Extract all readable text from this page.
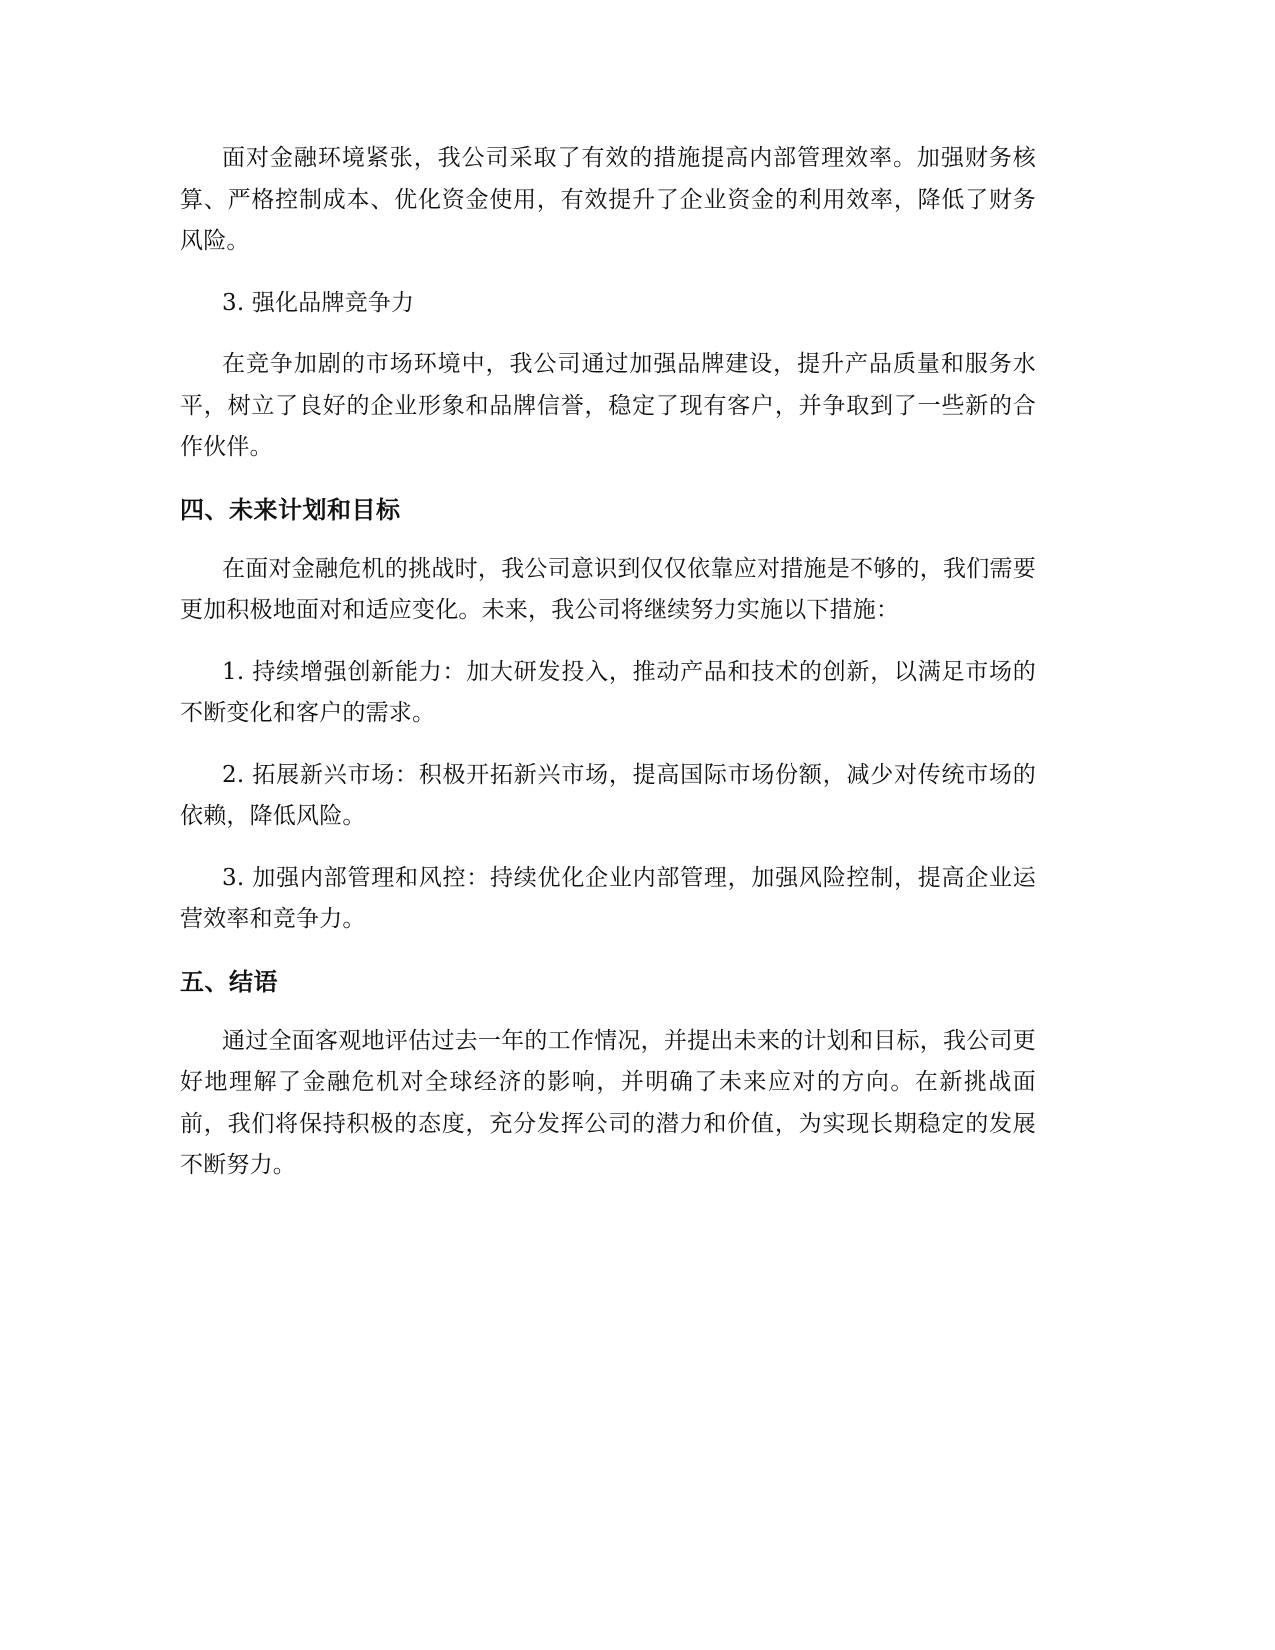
面对金融环境紧张，我公司采取了有效的措施提高内部管理效率。加强财务核算、严格控制成本、优化资金使用，有效提升了企业资金的利用效率，降低了财务风险。

3. 强化品牌竞争力

在竞争加剧的市场环境中，我公司通过加强品牌建设，提升产品质量和服务水平，树立了良好的企业形象和品牌信誉，稳定了现有客户，并争取到了一些新的合作伙伴。

四、未来计划和目标

在面对金融危机的挑战时，我公司意识到仅仅依靠应对措施是不够的，我们需要更加积极地面对和适应变化。未来，我公司将继续努力实施以下措施：

1. 持续增强创新能力：加大研发投入，推动产品和技术的创新，以满足市场的不断变化和客户的需求。

2. 拓展新兴市场：积极开拓新兴市场，提高国际市场份额，减少对传统市场的依赖，降低风险。

3. 加强内部管理和风控：持续优化企业内部管理，加强风险控制，提高企业运营效率和竞争力。

五、结语

通过全面客观地评估过去一年的工作情况，并提出未来的计划和目标，我公司更好地理解了金融危机对全球经济的影响，并明确了未来应对的方向。在新挑战面前，我们将保持积极的态度，充分发挥公司的潜力和价值，为实现长期稳定的发展不断努力。
